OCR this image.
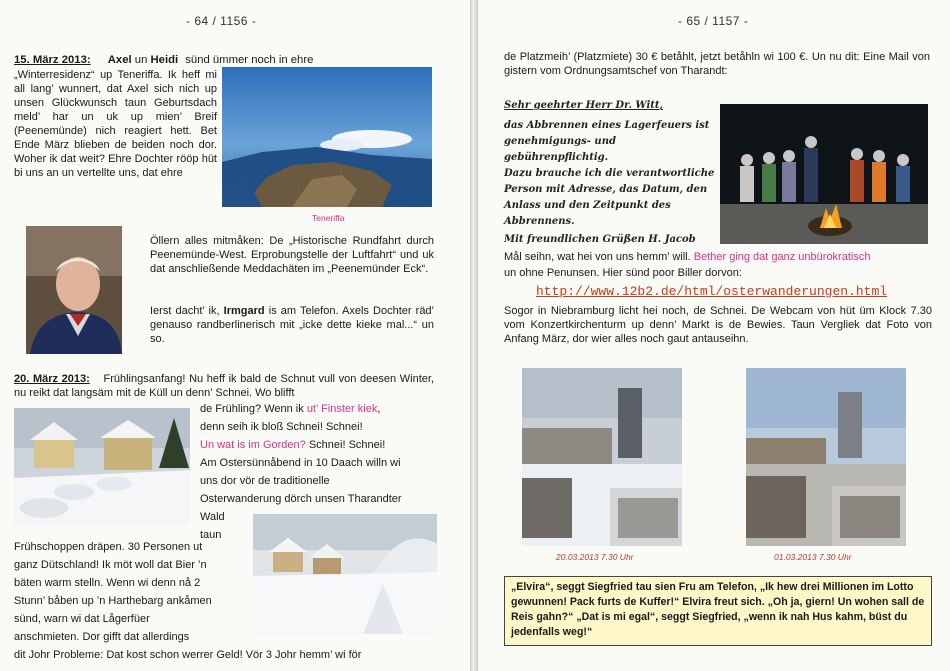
- 64 / 1156 -
15. März 2013: Axel un Heidi sünd ümmer noch in ehre
„Winterresidenz“ up Teneriffa. Ik heff mi all lang’ wunnert, dat Axel sich nich up unsen Glückwunsch taun Geburtsdach meld’ har un uk up mien’ Breif (Peenemünde) nich reagiert hett. Bet Ende März blieben de beiden noch dor. Woher ik dat weit? Ehre Dochter rööp hüt bi uns an un vertellte uns, dat ehre
Teneriffa
Öllern alles mitmåken: De „Historische Rundfahrt durch Peenemünde-West. Erprobungstelle der Luftfahrt“ und uk dat anschließende Meddachäten im „Peenemünder Eck“.
Ierst dacht’ ik, Irmgard is am Telefon. Axels Dochter räd’ genauso randberlinerisch mit „icke dette kieke mal...“ un so.
20. März 2013: Frühlingsanfang! Nu heff ik bald de Schnut vull von deesen Winter, nu reikt dat langsäm mit de Küll un denn’ Schnei. Wo blifft
de Frühling? Wenn ik ut’ Finster kiek,
denn seih ik bloß Schnei! Schnei!
Un wat is im Gorden? Schnei! Schnei!
Am Ostersünnåbend in 10 Daach willn wi
uns dor vör de traditionelle
Osterwanderung dörch unsen Tharandter
Wald
taun
Frühschoppen dräpen. 30 Personen ut
ganz Dütschland! Ik möt woll dat Bier ’n
bäten warm stelln. Wenn wi denn nå 2
Stunn’ båben up ’n Harthebarg ankåmen
sünd, warn wi dat Lågerfüer
anschmieten. Dor gifft dat allerdings
dit Johr Probleme: Dat kost schon werrer Geld! Vör 3 Johr hemm’ wi för
- 65 / 1157 -
de Platzmeih’ (Platzmiete) 30 € betåhlt, jetzt betåhln wi 100 €. Un nu dit: Eine Mail von gistern vom Ordnungsamtschef von Tharandt:
Sehr geehrter Herr Dr. Witt,
das Abbrennen eines Lagerfeuers ist
genehmigungs- und gebührenpflichtig.
Dazu brauche ich die verantwortliche
Person mit Adresse, das Datum, den
Anlass und den Zeitpunkt des
Abbrennens.
Mit freundlichen Grüßen H. Jacob
Mål seihn, wat hei von uns hemm’ will. Bether ging dat ganz unbürokratisch
un ohne Penunsen. Hier sünd poor Biller dorvon:
http://www.12b2.de/html/osterwanderungen.html
Sogor in Niebramburg licht hei noch, de Schnei. De Webcam von hüt üm Klock 7.30 vom Konzertkirchenturm up denn’ Markt is de Bewies. Taun Vergliek dat Foto von Anfang März, dor wier alles noch gaut antauseihn.
20.03.2013 7.30 Uhr	01.03.2013 7.30 Uhr
„Elvira“, seggt Siegfried tau sien Fru am Telefon, „Ik hew drei Millionen im Lotto gewunnen! Pack furts de Kuffer!“ Elvira freut sich. „Oh ja, giern! Un wohen sall de Reis gahn?“ „Dat is mi egal“, seggt Siegfried, „wenn ik nah Hus kahm, büst du jedenfalls weg!“
